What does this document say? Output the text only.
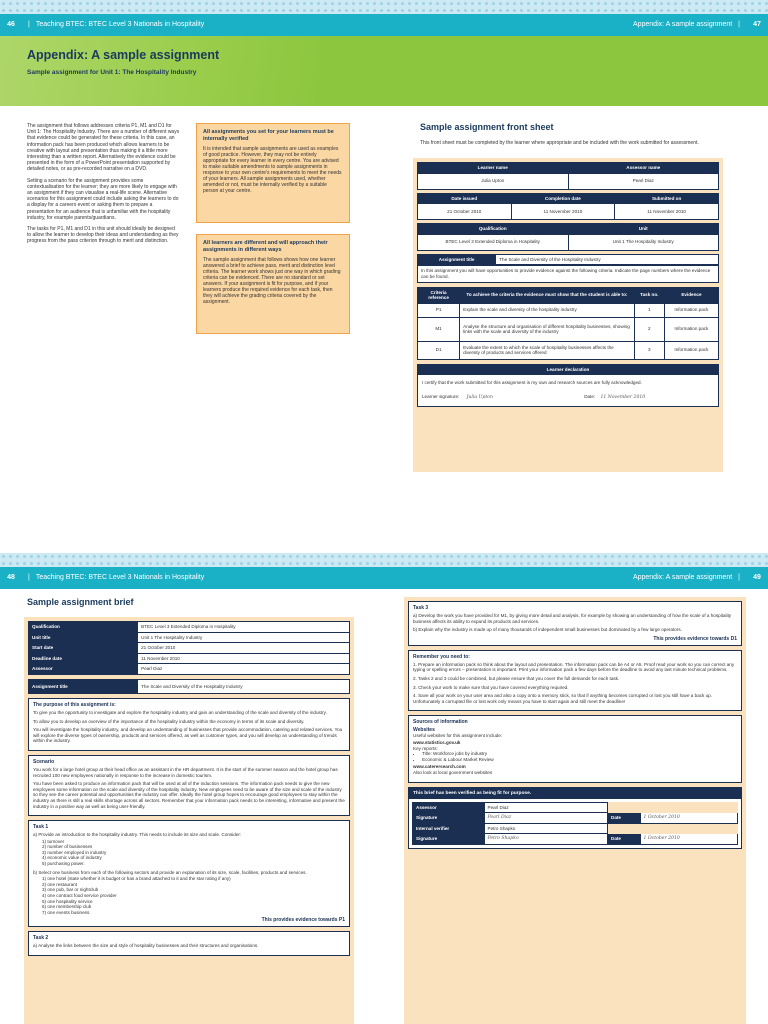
46 | Teaching BTEC: BTEC Level 3 Nationals in Hospitality	Appendix: A sample assignment | 47
Appendix: A sample assignment
Sample assignment for Unit 1: The Hospitality Industry

The assignment that follows addresses criteria P1, M1 and D1 for Unit 1: The Hospitality Industry. There are a number of different ways that evidence could be generated for these criteria. In this case, an information pack has been produced which allows learners to be creative with layout and presentation thus making it a little more interesting than a written report. Alternatively the evidence could be presented in the form of a PowerPoint presentation supported by detailed notes, or as pre-recorded narrative on a DVD.

Setting a scenario for the assignment provides some contextualisation for the learner; they are more likely to engage with an assignment if they can visualise a real-life scene. Alternative scenarios for this assignment could include asking the learners to do a display for a careers event or asking them to prepare a presentation for an audience that is unfamiliar with the hospitality industry, for example parents/guardians.

The tasks for P1, M1 and D1 in this unit should ideally be designed to allow the learner to develop their ideas and understanding as they progress from the pass criterion through to merit and distinction.

All assignments you set for your learners must be internally verified

It is intended that sample assignments are used as examples of good practice. However, they may not be entirely appropriate for every learner in every centre. You are advised to make suitable amendments to sample assignments in response to your own centre's requirements to meet the needs of your learners. All sample assignments used, whether amended or not, must be internally verified by a suitable person at your centre.

All learners are different and will approach their assignments in different ways

The sample assignment that follows shows how one learner answered a brief to achieve pass, merit and distinction level criteria. The learner work shows just one way in which grading criteria can be evidenced. There are no standard or set answers. If your assignment is fit for purpose, and if your learners produce the required evidence for each task, then they will achieve the grading criteria covered by the assignment.

Sample assignment front sheet
This front sheet must be completed by the learner where appropriate and be included with the work submitted for assessment.
Learner name	Assessor name
Julia Upton	Pearl Diaz
Date issued	Completion date	Submitted on
21 October 2010	11 November 2010	11 November 2010
Qualification	Unit
BTEC Level 3 Extended Diploma in Hospitality	Unit 1 The Hospitality Industry
Assignment title	The Scale and Diversity of the Hospitality Industry
In this assignment you will have opportunities to provide evidence against the following criteria. Indicate the page numbers where the evidence can be found.
Criteria reference	To achieve the criteria the evidence must show that the student is able to:	Task no.	Evidence
P1	Explain the scale and diversity of the hospitality industry	1	Information pack
M1	Analyse the structure and organisation of different hospitality businesses, showing links with the scale and diversity of the industry	2	Information pack
D1	Evaluate the extent to which the scale of hospitality businesses affects the diversity of products and services offered	3	Information pack
Learner declaration

I certify that the work submitted for this assignment is my own and research sources are fully acknowledged.
Learner signature: Julia Upton	Date: 11 November 2010
48 | Teaching BTEC: BTEC Level 3 Nationals in Hospitality	Appendix: A sample assignment | 49
Sample assignment brief
Qualification	BTEC Level 3 Extended Diploma in Hospitality
Unit title	Unit 1 The Hospitality Industry
Start date	21 October 2010
Deadline date	11 November 2010
Assessor	Pearl Diaz
Assignment title	The Scale and Diversity of the Hospitality Industry
The purpose of this assignment is:

To give you the opportunity to investigate and explore the hospitality industry and gain an understanding of the scale and diversity of the industry.

To allow you to develop an overview of the importance of the hospitality industry within the economy in terms of its scale and diversity.

You will investigate the hospitality industry, and develop an understanding of businesses that provide accommodation, catering and related services. You will explore the diverse types of ownership, products and services offered, as well as customer types, and you will develop an understanding of trends within the industry.

Scenario

You work for a large hotel group at their head office as an assistant in the HR department. It is the start of the summer season and the hotel group has recruited 100 new employees nationally in response to the increase in domestic tourism.

You have been asked to produce an information pack that will be used at all of the induction sessions. The information pack needs to give the new employees some information on the scale and diversity of the hospitality industry. New employees need to be aware of the size and scale of the industry so they see the career potential and opportunities the industry can offer. Ideally the hotel group hopes to encourage good employees to stay within the industry as there is still a real skills shortage across all sectors. Remember that your information pack needs to be interesting, informative and present the industry in a positive way as well as being user-friendly.

Task 1

a) Provide an introduction to the hospitality industry. This needs to include its size and scale. Consider:

1) turnover

2) number of businesses

3) number employed in industry

4) economic value of industry

5) purchasing power.

b) Select one business from each of the following sectors and provide an explanation of its size, scale, facilities, products and services.

1) one hotel (state whether it is budget or has a brand attached to it and the star rating if any)

2) one restaurant

3) one pub, bar or nightclub

4) one contract food service provider

5) one hospitality service

6) one membership club

7) one events business.

This provides evidence towards P1
Task 2

a) Analyse the links between the size and style of hospitality businesses and their structures and organisations.

Task 3

a) Develop the work you have provided for M1, by giving more detail and analysis, for example by showing an understanding of how the scale of a hospitality business affects its ability to expand its products and services.

b) Explain why the industry is made up of many thousands of independent small businesses but dominated by a few large operators.

This provides evidence towards D1
Remember you need to:

1. Prepare an information pack so think about the layout and presentation. The information pack can be A4 or A5. Proof read your work so you can correct any typing or spelling errors – presentation is important. Print your information pack a few days before the deadline to avoid any last minute technical problems.

2. Tasks 2 and 3 could be combined, but please ensure that you cover the full demands for each task.

3. Check your work to make sure that you have covered everything required.

4. Save all your work on your user area and also a copy onto a memory stick, so that if anything becomes corrupted or lost you still have a back up. Unfortunately a corrupted file or lost work only means you have to start again and still meet the deadline!

Sources of information
Websites

Useful websites for this assignment include:

www.statistics.gov.uk

Key reports:

• Title: Workforce jobs by industry
• Economic & Labour Market Review

www.caterersearch.com

Also look at local government websites

This brief has been verified as being fit for purpose.
Assessor	Pearl Diaz		
Signature	Pearl Diaz	Date	1 October 2010
Internal verifier	Petro Shapko		
Signature	Petro Shapko	Date	1 October 2010
